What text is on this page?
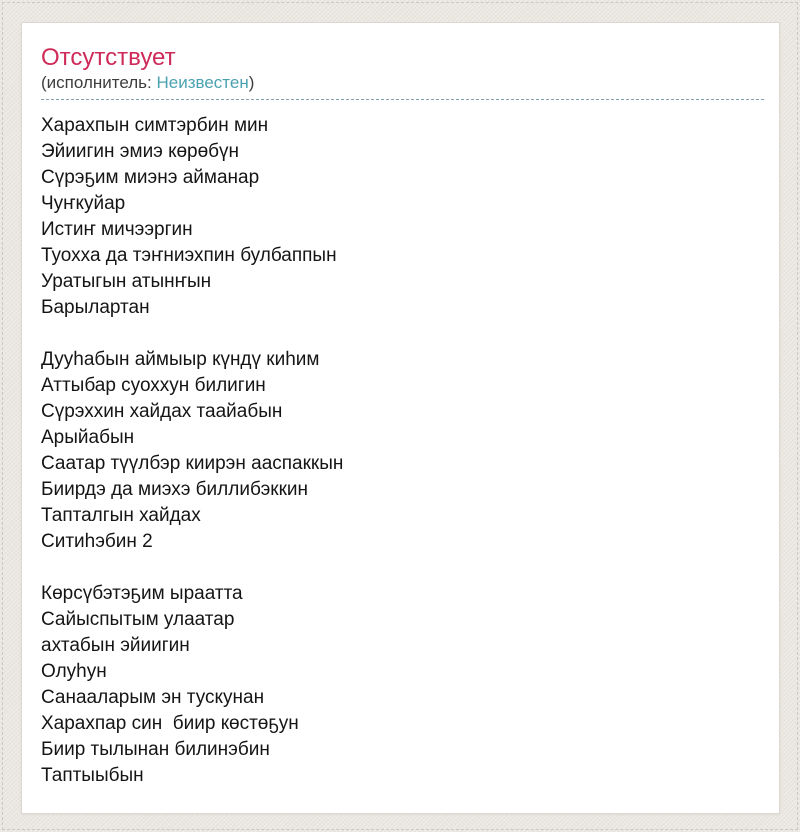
Отсутствует
(исполнитель: Неизвестен)
Харахпын симтэрбин мин
Эйиигин эмиэ көрөбүн
Сүрэҕим миэнэ айманар
Чуҥкуйар
Истиҥ мичээргин
Туохха да тэҥниэхпин булбаппын
Уратыгын атынҥын
Барылартан
Дууһабын аймыыр күндү киһим
Аттыбар суоххун билигин
Сүрэххин хайдах таайабын
Арыйабын
Саатар түүлбэр киирэн ааспаккын
Биирдэ да миэхэ биллибэккин
Тапталгын хайдах
Ситиһэбин 2
Көрсүбэтэҕим ыраатта
Сайыспытым улаатар
ахтабын эйиигин
Олуһун
Санааларым эн тускунан
Харахпар син  биир көстөҕун
Биир тылынан билинэбин
Таптыыбын
